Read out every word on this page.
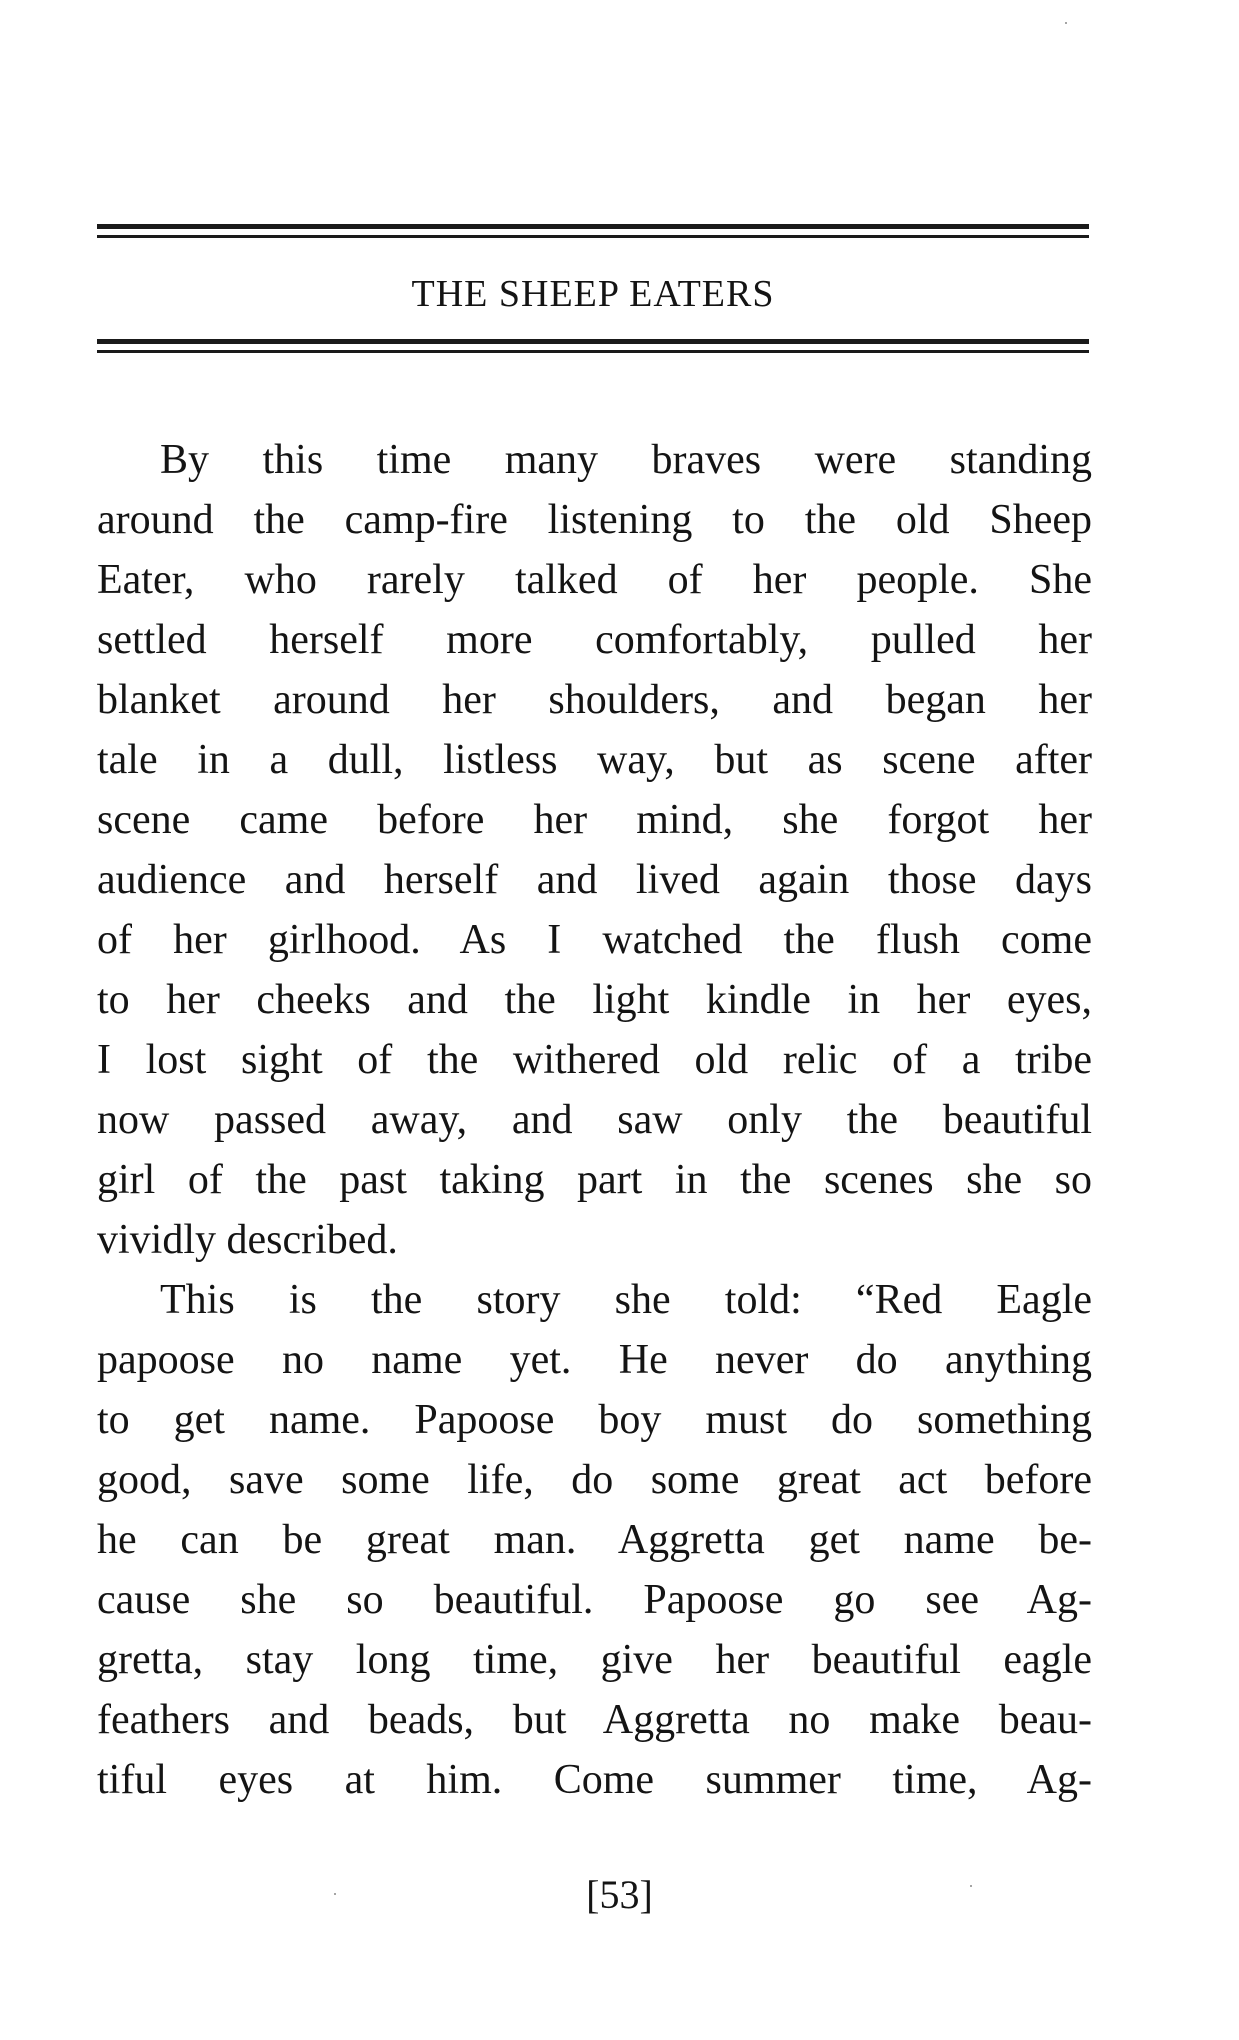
THE SHEEP EATERS
By this time many braves were standing
around the camp-fire listening to the old Sheep
Eater, who rarely talked of her people. She
settled herself more comfortably, pulled her
blanket around her shoulders, and began her
tale in a dull, listless way, but as scene after
scene came before her mind, she forgot her
audience and herself and lived again those days
of her girlhood. As I watched the flush come
to her cheeks and the light kindle in her eyes,
I lost sight of the withered old relic of a tribe
now passed away, and saw only the beautiful
girl of the past taking part in the scenes she so
vividly described.
This is the story she told: “Red Eagle
papoose no name yet. He never do anything
to get name. Papoose boy must do something
good, save some life, do some great act before
he can be great man. Aggretta get name be-
cause she so beautiful. Papoose go see Ag-
gretta, stay long time, give her beautiful eagle
feathers and beads, but Aggretta no make beau-
tiful eyes at him. Come summer time, Ag-
[53]
